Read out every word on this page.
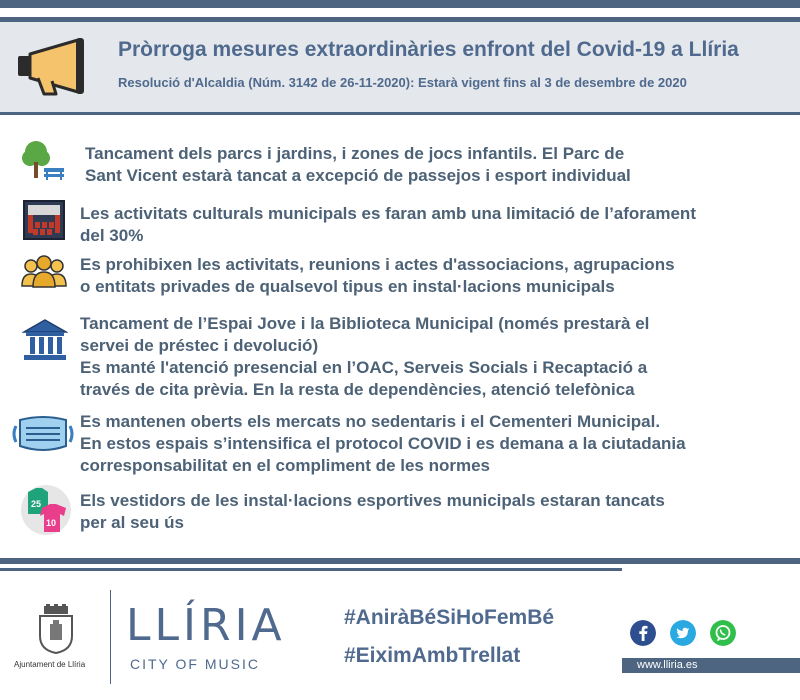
Pròrroga mesures extraordinàries enfront del Covid-19 a Llíria
Resolució d'Alcaldia (Núm. 3142 de 26-11-2020): Estarà vigent fins al 3 de desembre de 2020
Tancament dels parcs i jardins, i zones de jocs infantils. El Parc de
Sant Vicent estarà tancat a excepció de passejos i esport individual
Les activitats culturals municipals es faran amb una limitació de l’aforament
del 30%
Es prohibixen les activitats, reunions i actes d'associacions, agrupacions
o entitats privades de qualsevol tipus en instal·lacions municipals
Tancament de l’Espai Jove i la Biblioteca Municipal (només prestarà el
servei de préstec i devolució)
Es manté l'atenció presencial en l’OAC, Serveis Socials i Recaptació a
través de cita prèvia. En la resta de dependències, atenció telefònica
Es mantenen oberts els mercats no sedentaris i el Cementeri Municipal.
En estos espais s’intensifica el protocol COVID i es demana a la ciutadania
corresponsabilitat en el compliment de les normes
25
10
Els vestidors de les instal·lacions esportives municipals estaran tancats
per al seu ús
Ajuntament de Llíria
LLÍRIA
CITY OF MUSIC
#AniràBéSiHoFemBé
#EiximAmbTrellat	www.lliria.es
